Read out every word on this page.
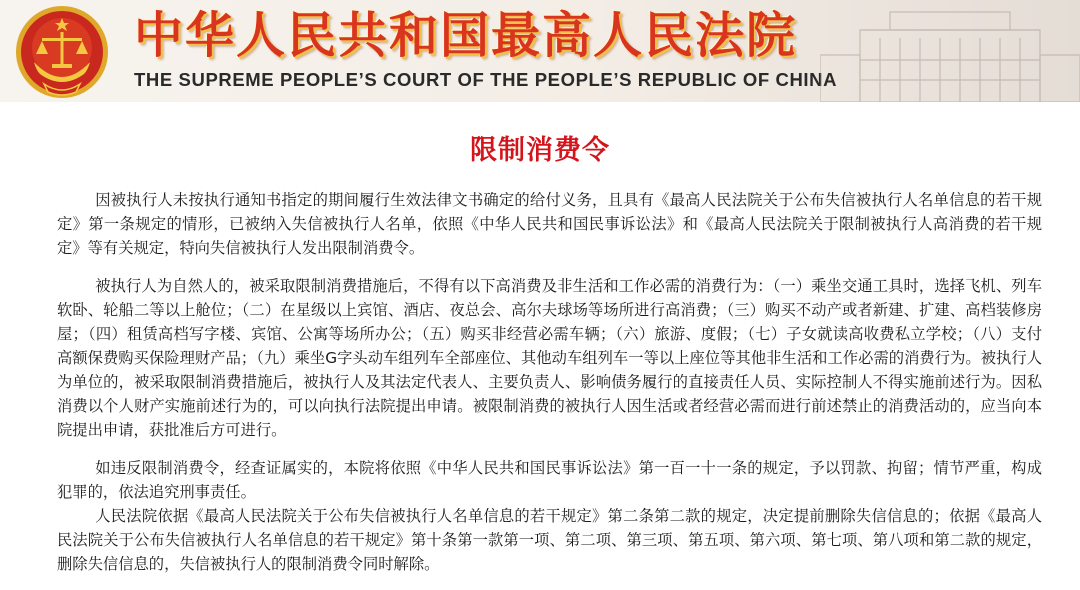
中华人民共和国最高人民法院
THE SUPREME PEOPLE’S COURT OF THE PEOPLE’S REPUBLIC OF CHINA
限制消费令

因被执行人未按执行通知书指定的期间履行生效法律文书确定的给付义务，且具有《最高人民法院关于公布失信被执行人名单信息的若干规定》第一条规定的情形，已被纳入失信被执行人名单，依照《中华人民共和国民事诉讼法》和《最高人民法院关于限制被执行人高消费的若干规定》等有关规定，特向失信被执行人发出限制消费令。

被执行人为自然人的，被采取限制消费措施后，不得有以下高消费及非生活和工作必需的消费行为：（一）乘坐交通工具时，选择飞机、列车软卧、轮船二等以上舱位；（二）在星级以上宾馆、酒店、夜总会、高尔夫球场等场所进行高消费；（三）购买不动产或者新建、扩建、高档装修房屋；（四）租赁高档写字楼、宾馆、公寓等场所办公；（五）购买非经营必需车辆；（六）旅游、度假；（七）子女就读高收费私立学校；（八）支付高额保费购买保险理财产品；（九）乘坐G字头动车组列车全部座位、其他动车组列车一等以上座位等其他非生活和工作必需的消费行为。被执行人为单位的，被采取限制消费措施后，被执行人及其法定代表人、主要负责人、影响债务履行的直接责任人员、实际控制人不得实施前述行为。因私消费以个人财产实施前述行为的，可以向执行法院提出申请。被限制消费的被执行人因生活或者经营必需而进行前述禁止的消费活动的，应当向本院提出申请，获批准后方可进行。

如违反限制消费令，经查证属实的，本院将依照《中华人民共和国民事诉讼法》第一百一十一条的规定，予以罚款、拘留；情节严重，构成犯罪的，依法追究刑事责任。

人民法院依据《最高人民法院关于公布失信被执行人名单信息的若干规定》第二条第二款的规定，决定提前删除失信信息的；依据《最高人民法院关于公布失信被执行人名单信息的若干规定》第十条第一款第一项、第二项、第三项、第五项、第六项、第七项、第八项和第二款的规定，删除失信信息的，失信被执行人的限制消费令同时解除。
